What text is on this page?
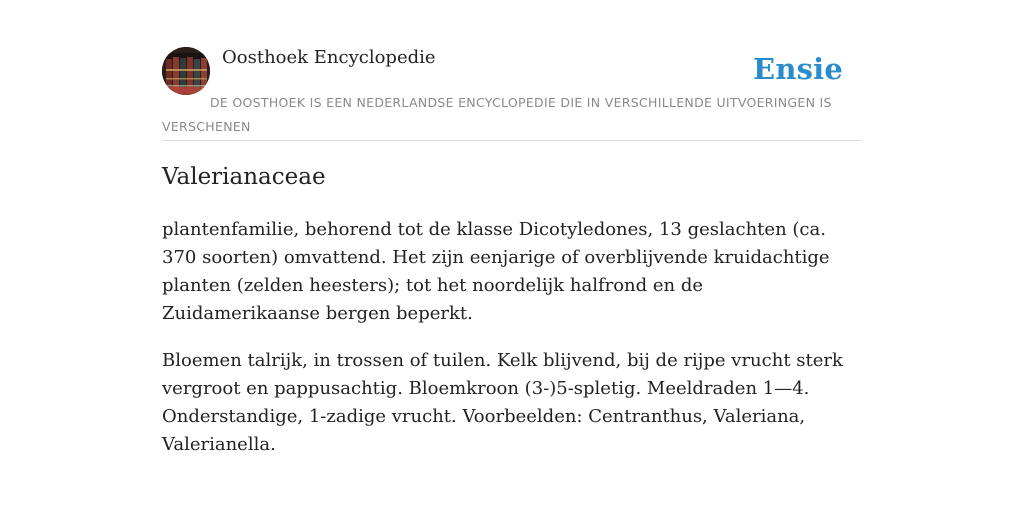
Oosthoek Encyclopedie	Ensie
DE OOSTHOEK IS EEN NEDERLANDSE ENCYCLOPEDIE DIE IN VERSCHILLENDE UITVOERINGEN IS VERSCHENEN
Valerianaceae

plantenfamilie, behorend tot de klasse Dicotyledones, 13 geslachten (ca. 370 soorten) omvattend. Het zijn eenjarige of overblijvende kruidachtige planten (zelden heesters); tot het noordelijk halfrond en de Zuidamerikaanse bergen beperkt.

Bloemen talrijk, in trossen of tuilen. Kelk blijvend, bij de rijpe vrucht sterk vergroot en pappusachtig. Bloemkroon (3-)5-spletig. Meeldraden 1—4. Onderstandige, 1-zadige vrucht. Voorbeelden: Centranthus, Valeriana, Valerianella.
